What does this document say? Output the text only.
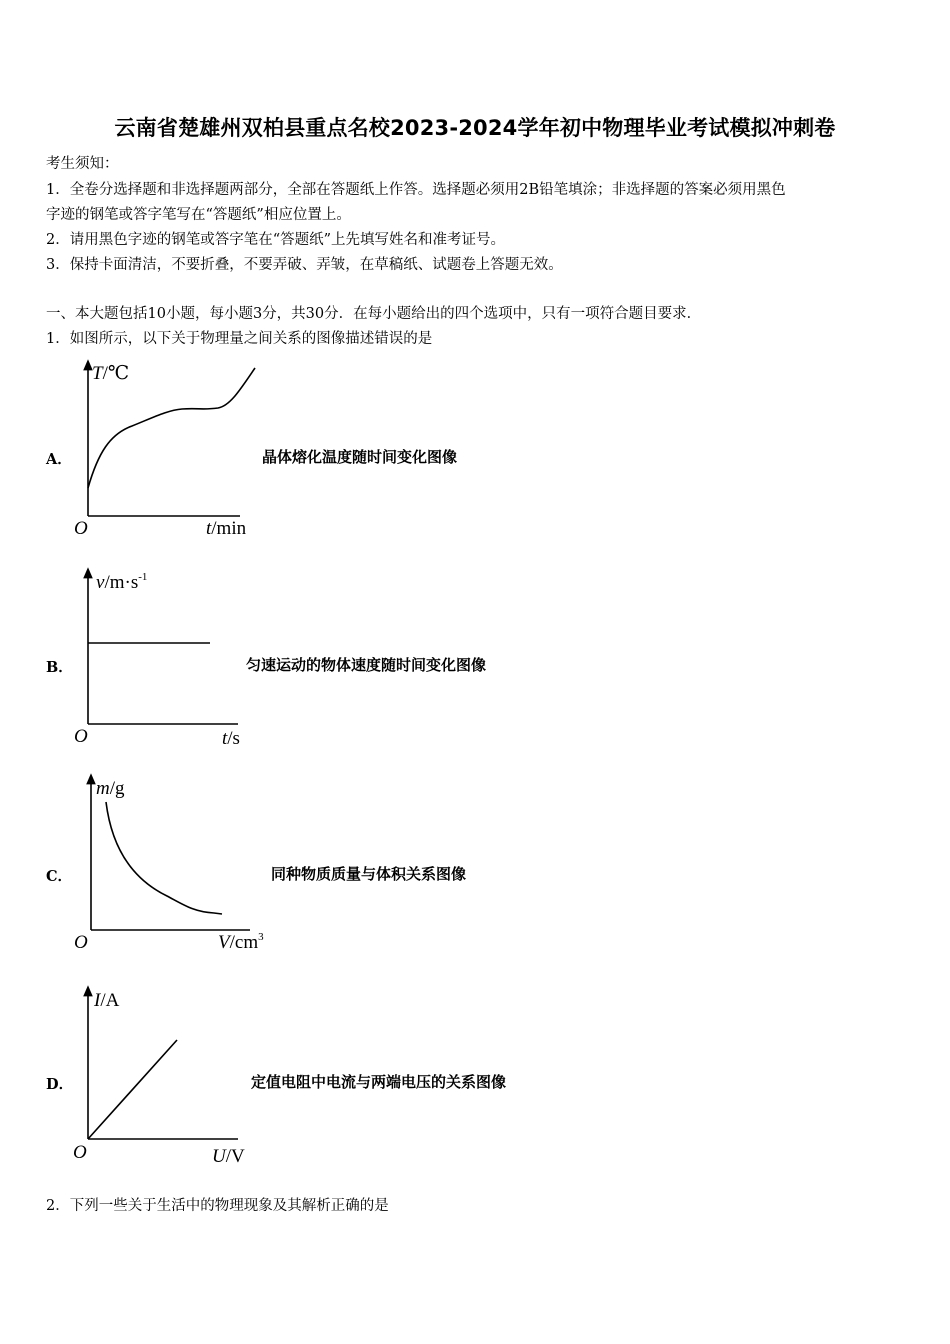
云南省楚雄州双柏县重点名校2023-2024学年初中物理毕业考试模拟冲刺卷
考生须知：
1．全卷分选择题和非选择题两部分，全部在答题纸上作答。选择题必须用2B铅笔填涂；非选择题的答案必须用黑色
字迹的钢笔或答字笔写在“答题纸”相应位置上。
2．请用黑色字迹的钢笔或答字笔在“答题纸”上先填写姓名和准考证号。
3．保持卡面清洁，不要折叠，不要弄破、弄皱，在草稿纸、试题卷上答题无效。
一、本大题包括10小题，每小题3分，共30分．在每小题给出的四个选项中，只有一项符合题目要求．
1．如图所示，以下关于物理量之间关系的图像描述错误的是
A．
T/℃
O	t/min
晶体熔化温度随时间变化图像
B．
$v/m\cdot s^{-1}$
O	t/s
匀速运动的物体速度随时间变化图像
C．
m/g
O	$V/cm^3$
同种物质质量与体积关系图像
D．
I/A
O	U/V
定值电阻中电流与两端电压的关系图像
2．下列一些关于生活中的物理现象及其解析正确的是
